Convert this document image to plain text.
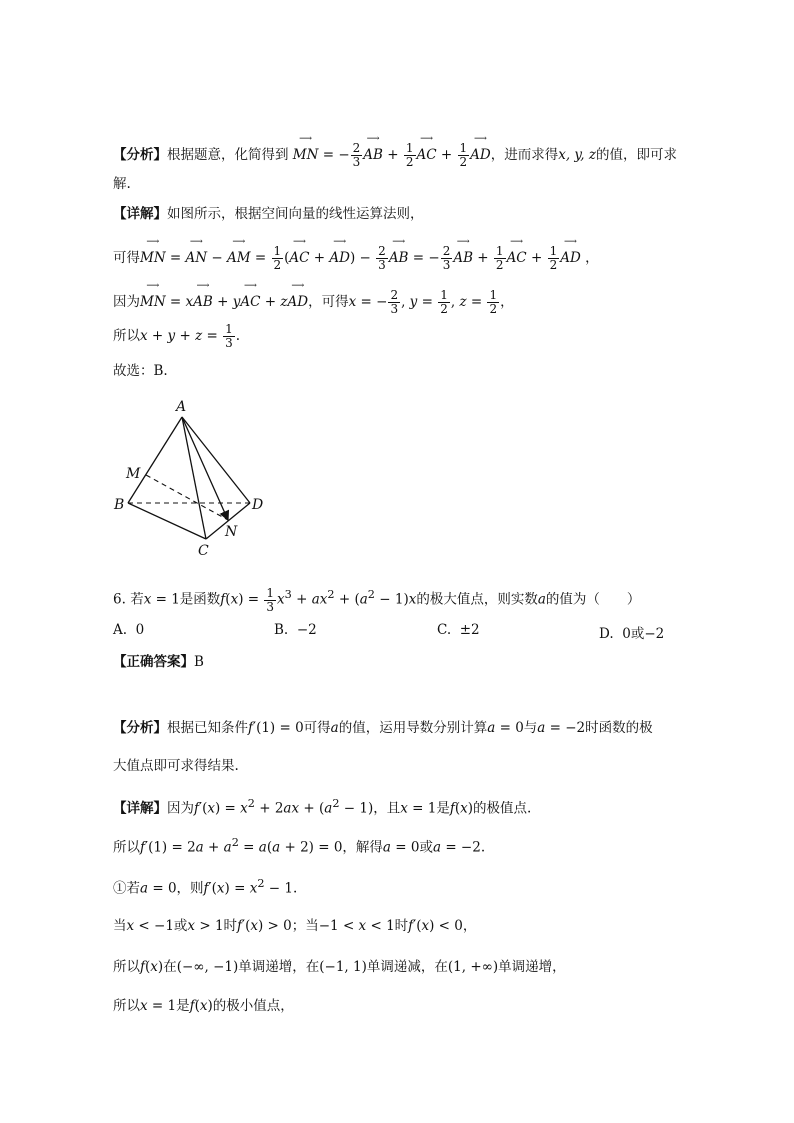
【分析】根据题意，化简得到 ⟶ MN = − $\frac{2}{3}$ ⟶ AB + $\frac{1}{2}$ ⟶ AC + $\frac{1}{2}$ ⟶ AD，进而求得x, y, z的值，即可求
解.
【详解】如图所示，根据空间向量的线性运算法则，
可得⟶ MN = ⟶ AN − ⟶ AM = $\frac{1}{2}$ (⟶ AC + ⟶ $AD) - \frac{2}{3}$ ⟶ AB = − $\frac{2}{3}$ ⟶ AB + $\frac{1}{2}$ ⟶ AC + $\frac{1}{2}$ ⟶ AD ，
因为⟶ MN = x⟶ AB + y⟶ AC + z⟶ AD，可得x = − $\frac{2}{3}$ , $y = \frac{1}{2}$ , $z = \frac{1}{2}$ ，
所以$x + y + z = \frac{1}{3}$ .
故选：B.
A
M
B	D
N
C
6. 若x = 1是函数$f(x) = \frac{1}{3} x^3 + ax^2 + (a^2 - 1)x$的极大值点，则实数a的值为（　　）
A. 0	B. −2	C. ±2	D. 0或−2
【正确答案】B
【分析】根据已知条件f′(1) = 0可得a的值，运用导数分别计算a = 0与a = −2时函数的极
大值点即可求得结果.
【详解】因为$f'(x) = x^2 + 2ax + (a^2 - 1)$，且x = 1是f(x)的极值点.
所以$f'(1) = 2a + a^2 = a(a + 2) = 0$，解得a = 0或a = −2.
①若a = 0，则$f'(x) = x^2 - 1$.
当x < −1或x > 1时f′(x) > 0；当−1 < x < 1时f′(x) < 0，
所以f(x)在(−∞, −1)单调递增，在(−1, 1)单调递减，在(1, +∞)单调递增，
所以x = 1是f(x)的极小值点，
